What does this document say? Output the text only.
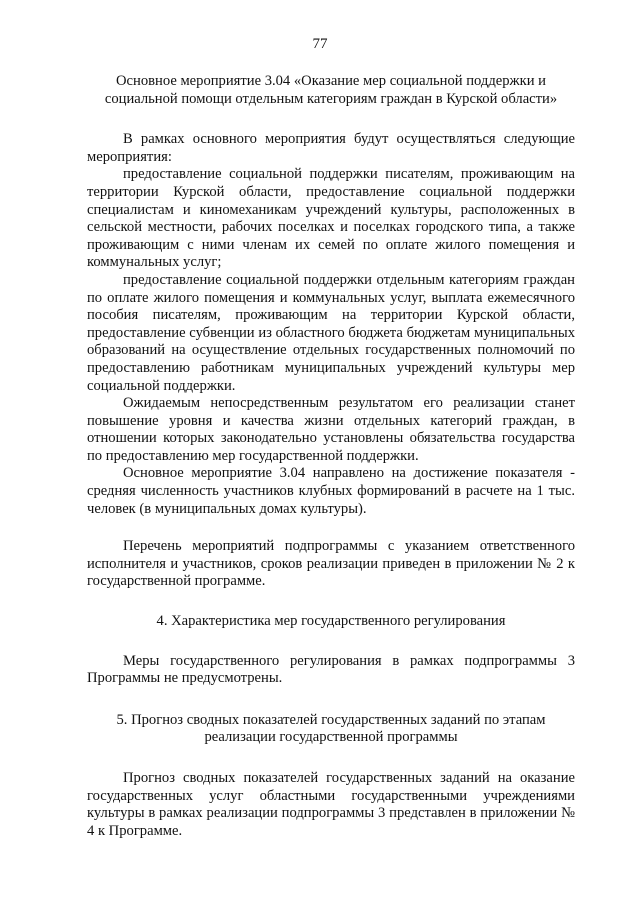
77

Основное мероприятие 3.04 «Оказание мер социальной поддержки и социальной помощи отдельным категориям граждан в Курской области»

В рамках основного мероприятия будут осуществляться следующие мероприятия:

предоставление социальной поддержки писателям, проживающим на территории Курской области, предоставление социальной поддержки специалистам и киномеханикам учреждений культуры, расположенных в сельской местности, рабочих поселках и поселках городского типа, а также проживающим с ними членам их семей по оплате жилого помещения и коммунальных услуг;

предоставление социальной поддержки отдельным категориям граждан по оплате жилого помещения и коммунальных услуг, выплата ежемесячного пособия писателям, проживающим на территории Курской области, предоставление субвенции из областного бюджета бюджетам муниципальных образований на осуществление отдельных государственных полномочий по предоставлению работникам муниципальных учреждений культуры мер социальной поддержки.

Ожидаемым непосредственным результатом его реализации станет повышение уровня и качества жизни отдельных категорий граждан, в отношении которых законодательно установлены обязательства государства по предоставлению мер государственной поддержки.

Основное мероприятие 3.04 направлено на достижение показателя - средняя численность участников клубных формирований в расчете на 1 тыс. человек (в муниципальных домах культуры).

Перечень мероприятий подпрограммы с указанием ответственного исполнителя и участников, сроков реализации приведен в приложении № 2 к государственной программе.

4. Характеристика мер государственного регулирования

Меры государственного регулирования в рамках подпрограммы 3 Программы не предусмотрены.

5. Прогноз сводных показателей государственных заданий по этапам реализации государственной программы

Прогноз сводных показателей государственных заданий на оказание государственных услуг областными государственными учреждениями культуры в рамках реализации подпрограммы 3 представлен в приложении № 4 к Программе.
